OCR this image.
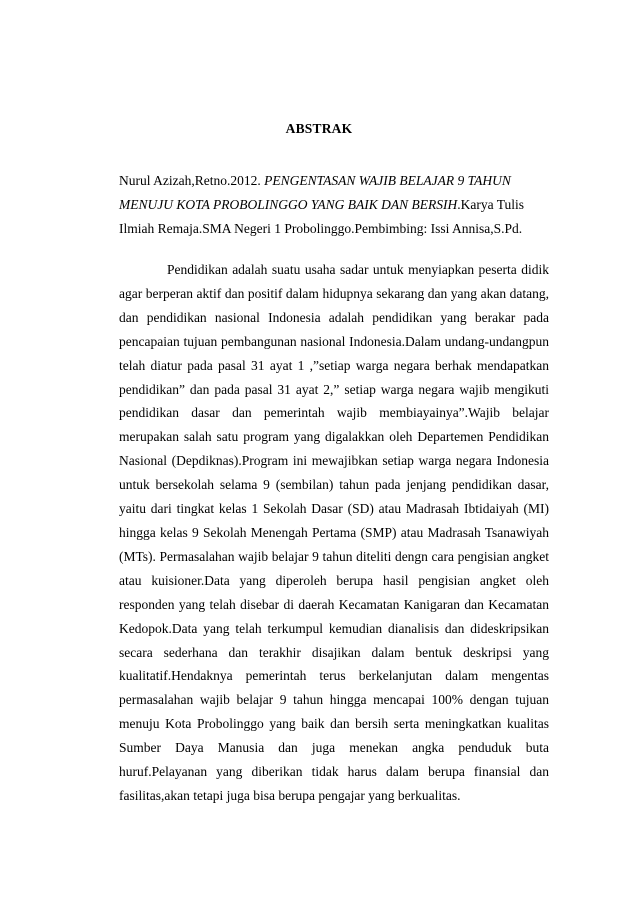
ABSTRAK
Nurul Azizah,Retno.2012. PENGENTASAN WAJIB BELAJAR 9 TAHUN
MENUJU KOTA PROBOLINGGO YANG BAIK DAN BERSIH.Karya Tulis
Ilmiah Remaja.SMA Negeri 1 Probolinggo.Pembimbing: Issi Annisa,S.Pd.

Pendidikan adalah suatu usaha sadar untuk menyiapkan peserta didik agar berperan aktif dan positif dalam hidupnya sekarang dan yang akan datang, dan pendidikan nasional Indonesia adalah pendidikan yang berakar pada pencapaian tujuan pembangunan nasional Indonesia.Dalam undang-undangpun telah diatur pada pasal 31 ayat 1 ,”setiap warga negara berhak mendapatkan pendidikan” dan pada pasal 31 ayat 2,” setiap warga negara wajib mengikuti pendidikan dasar dan pemerintah wajib membiayainya”.Wajib belajar merupakan salah satu program yang digalakkan oleh Departemen Pendidikan Nasional (Depdiknas).Program ini mewajibkan setiap warga negara Indonesia untuk bersekolah selama 9 (sembilan) tahun pada jenjang pendidikan dasar, yaitu dari tingkat kelas 1 Sekolah Dasar (SD) atau Madrasah Ibtidaiyah (MI) hingga kelas 9 Sekolah Menengah Pertama (SMP) atau Madrasah Tsanawiyah (MTs). Permasalahan wajib belajar 9 tahun diteliti dengn cara pengisian angket atau kuisioner.Data yang diperoleh berupa hasil pengisian angket oleh responden yang telah disebar di daerah Kecamatan Kanigaran dan Kecamatan Kedopok.Data yang telah terkumpul kemudian dianalisis dan dideskripsikan secara sederhana dan terakhir disajikan dalam bentuk deskripsi yang kualitatif.Hendaknya pemerintah terus berkelanjutan dalam mengentas permasalahan wajib belajar 9 tahun hingga mencapai 100% dengan tujuan menuju Kota Probolinggo yang baik dan bersih serta meningkatkan kualitas Sumber Daya Manusia dan juga menekan angka penduduk buta huruf.Pelayanan yang diberikan tidak harus dalam berupa finansial dan fasilitas,akan tetapi juga bisa berupa pengajar yang berkualitas.
